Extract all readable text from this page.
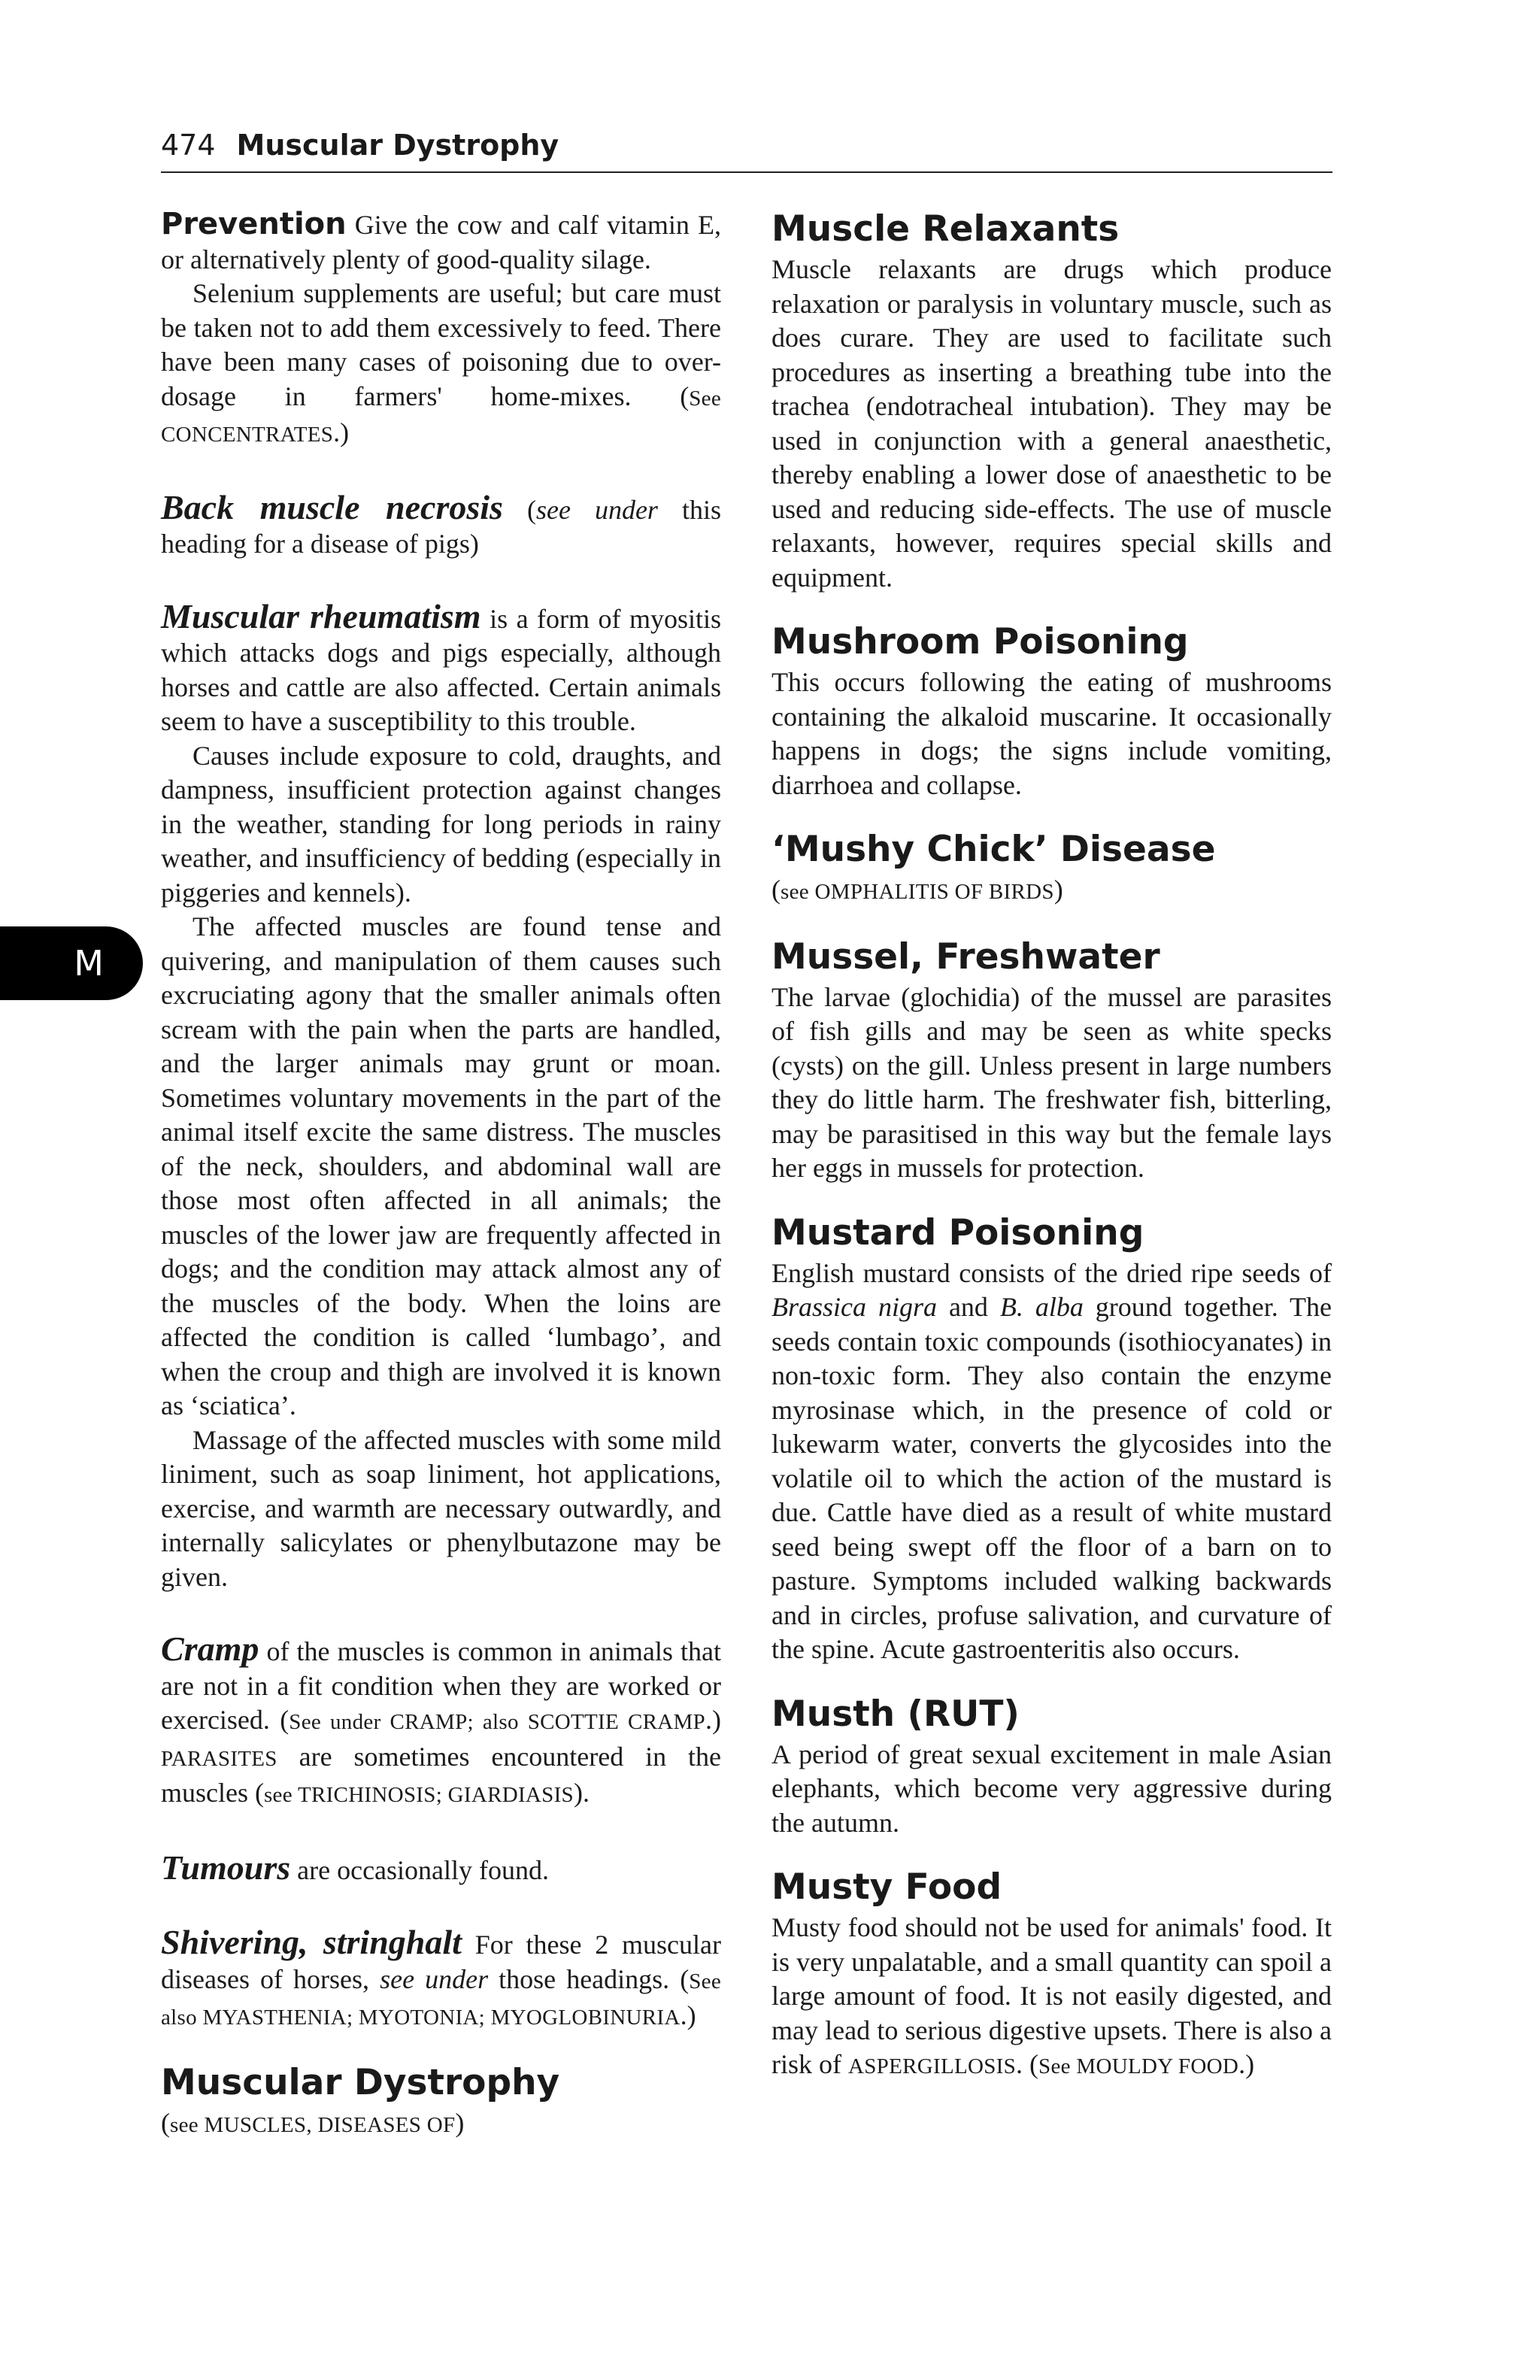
474 Muscular Dystrophy
M

Prevention Give the cow and calf vitamin E, or alternatively plenty of good-quality silage.

Selenium supplements are useful; but care must be taken not to add them excessively to feed. There have been many cases of poisoning due to over-dosage in farmers' home-mixes. (See CONCENTRATES.)

Back muscle necrosis (see under this heading for a disease of pigs)

Muscular rheumatism is a form of myositis which attacks dogs and pigs especially, although horses and cattle are also affected. Certain animals seem to have a susceptibility to this trouble.

Causes include exposure to cold, draughts, and dampness, insufficient protection against changes in the weather, standing for long periods in rainy weather, and insufficiency of bedding (especially in piggeries and kennels).

The affected muscles are found tense and quivering, and manipulation of them causes such excruciating agony that the smaller animals often scream with the pain when the parts are handled, and the larger animals may grunt or moan. Sometimes voluntary movements in the part of the animal itself excite the same distress. The muscles of the neck, shoulders, and abdominal wall are those most often affected in all animals; the muscles of the lower jaw are frequently affected in dogs; and the condition may attack almost any of the muscles of the body. When the loins are affected the condition is called ‘lumbago’, and when the croup and thigh are involved it is known as ‘sciatica’.

Massage of the affected muscles with some mild liniment, such as soap liniment, hot applications, exercise, and warmth are necessary outwardly, and internally salicylates or phenylbutazone may be given.

Cramp of the muscles is common in animals that are not in a fit condition when they are worked or exercised. (See under CRAMP; also SCOTTIE CRAMP.) PARASITES are sometimes encountered in the muscles (see TRICHINOSIS; GIARDIASIS).

Tumours are occasionally found.

Shivering, stringhalt For these 2 muscular diseases of horses, see under those headings. (See also MYASTHENIA; MYOTONIA; MYOGLOBINURIA.)

Muscular Dystrophy

(see MUSCLES, DISEASES OF)

Muscle Relaxants

Muscle relaxants are drugs which produce relaxation or paralysis in voluntary muscle, such as does curare. They are used to facilitate such procedures as inserting a breathing tube into the trachea (endotracheal intubation). They may be used in conjunction with a general anaesthetic, thereby enabling a lower dose of anaesthetic to be used and reducing side-effects. The use of muscle relaxants, however, requires special skills and equipment.

Mushroom Poisoning

This occurs following the eating of mushrooms containing the alkaloid muscarine. It occasionally happens in dogs; the signs include vomiting, diarrhoea and collapse.

‘Mushy Chick’ Disease

(see OMPHALITIS OF BIRDS)

Mussel, Freshwater

The larvae (glochidia) of the mussel are parasites of fish gills and may be seen as white specks (cysts) on the gill. Unless present in large numbers they do little harm. The freshwater fish, bitterling, may be parasitised in this way but the female lays her eggs in mussels for protection.

Mustard Poisoning

English mustard consists of the dried ripe seeds of Brassica nigra and B. alba ground together. The seeds contain toxic compounds (isothiocyanates) in non-toxic form. They also contain the enzyme myrosinase which, in the presence of cold or lukewarm water, converts the glycosides into the volatile oil to which the action of the mustard is due. Cattle have died as a result of white mustard seed being swept off the floor of a barn on to pasture. Symptoms included walking backwards and in circles, profuse salivation, and curvature of the spine. Acute gastroenteritis also occurs.

Musth (RUT)

A period of great sexual excitement in male Asian elephants, which become very aggressive during the autumn.

Musty Food

Musty food should not be used for animals' food. It is very unpalatable, and a small quantity can spoil a large amount of food. It is not easily digested, and may lead to serious digestive upsets. There is also a risk of ASPERGILLOSIS. (See MOULDY FOOD.)
